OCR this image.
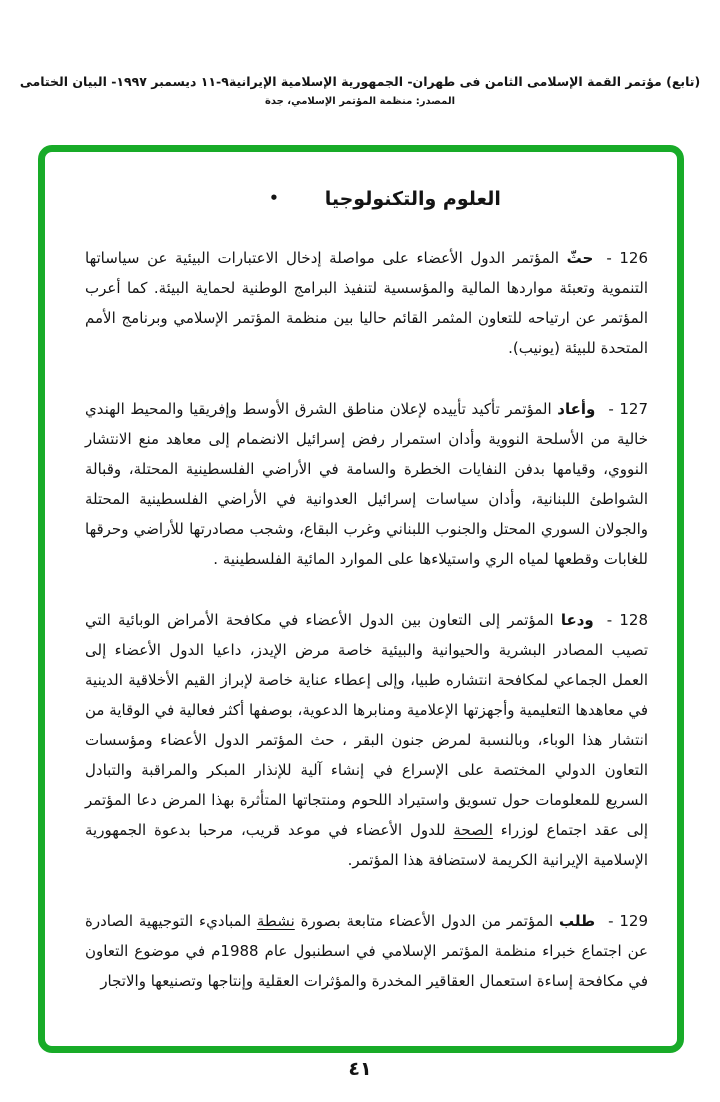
(تابع) مؤتمر القمة الإسلامى الثامن فى طهران- الجمهورية الإسلامية الإيرانية٩-١١ ديسمبر ١٩٩٧- البيان الختامى
المصدر: منظمة المؤتمر الإسلامي، جدة
• العلوم والتكنولوجيا
126 -حثّ المؤتمر الدول الأعضاء على مواصلة إدخال الاعتبارات البيئية عن سياساتها التنموية وتعبئة مواردها المالية والمؤسسية لتنفيذ البرامج الوطنية لحماية البيئة. كما أعرب المؤتمر عن ارتياحه للتعاون المثمر القائم حاليا بين منظمة المؤتمر الإسلامي وبرنامج الأمم المتحدة للبيئة (يونيب).
127 -وأعاد المؤتمر تأكيد تأييده لإعلان مناطق الشرق الأوسط وإفريقيا والمحيط الهندي خالية من الأسلحة النووية وأدان استمرار رفض إسرائيل الانضمام إلى معاهد منع الانتشار النووي، وقيامها بدفن النفايات الخطرة والسامة في الأراضي الفلسطينية المحتلة، وقبالة الشواطئ اللبنانية، وأدان سياسات إسرائيل العدوانية في الأراضي الفلسطينية المحتلة والجولان السوري المحتل والجنوب اللبناني وغرب البقاع، وشجب مصادرتها للأراضي وحرقها للغابات وقطعها لمياه الري واستيلاءها على الموارد المائية الفلسطينية .
128 -ودعا المؤتمر إلى التعاون بين الدول الأعضاء في مكافحة الأمراض الوبائية التي تصيب المصادر البشرية والحيوانية والبيئية خاصة مرض الإيدز، داعيا الدول الأعضاء إلى العمل الجماعي لمكافحة انتشاره طبيا، وإلى إعطاء عناية خاصة لإبراز القيم الأخلاقية الدينية في معاهدها التعليمية وأجهزتها الإعلامية ومنابرها الدعوية، بوصفها أكثر فعالية في الوقاية من انتشار هذا الوباء، وبالنسبة لمرض جنون البقر ، حث المؤتمر الدول الأعضاء ومؤسسات التعاون الدولي المختصة على الإسراع في إنشاء آلية للإنذار المبكر والمراقبة والتبادل السريع للمعلومات حول تسويق واستيراد اللحوم ومنتجاتها المتأثرة بهذا المرض دعا المؤتمر إلى عقد اجتماع لوزراء الصحة للدول الأعضاء في موعد قريب، مرحبا بدعوة الجمهورية الإسلامية الإيرانية الكريمة لاستضافة هذا المؤتمر.
129 -طلب المؤتمر من الدول الأعضاء متابعة بصورة نشطة المباديء التوجيهية الصادرة عن اجتماع خبراء منظمة المؤتمر الإسلامي في اسطنبول عام 1988م في موضوع التعاون في مكافحة إساءة استعمال العقاقير المخدرة والمؤثرات العقلية وإنتاجها وتصنيعها والاتجار
٤١
